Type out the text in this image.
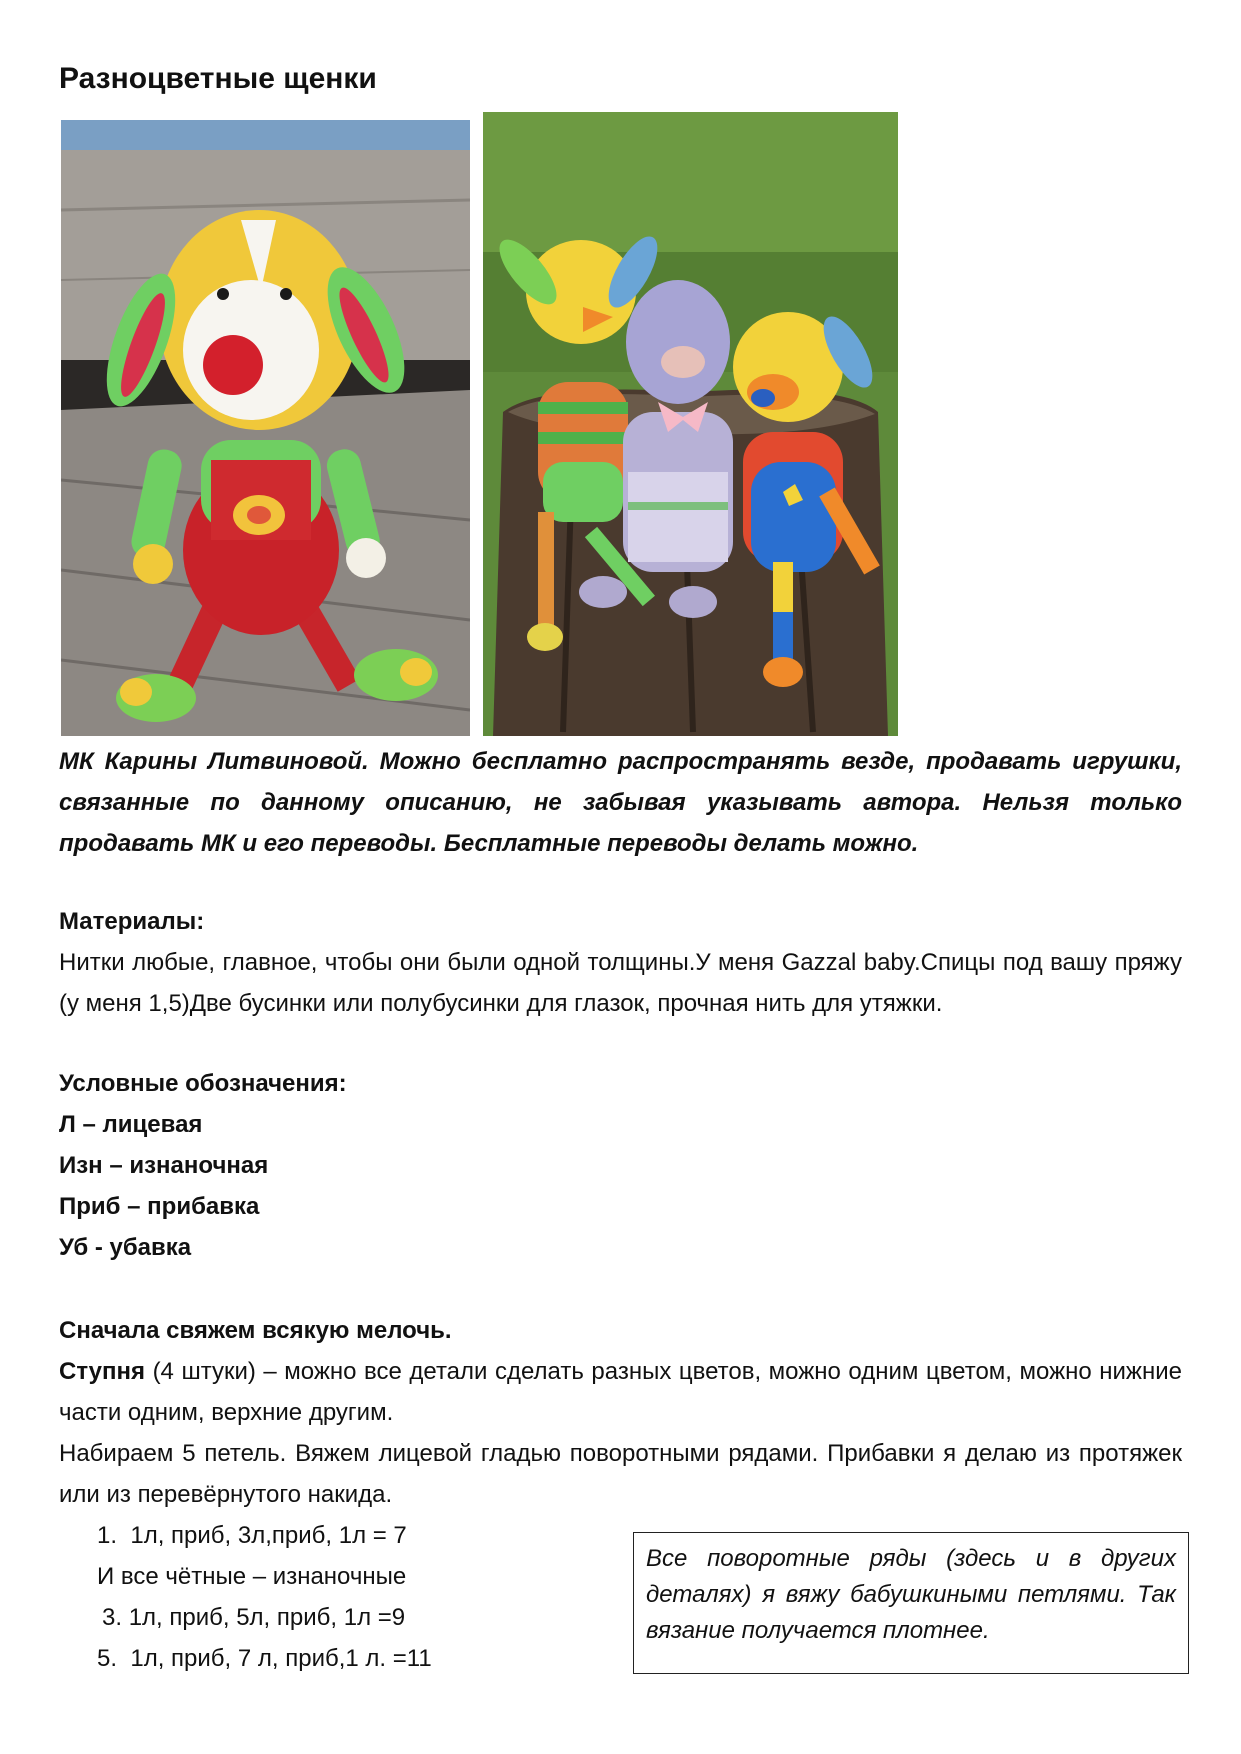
Разноцветные щенки

МК Карины Литвиновой. Можно бесплатно распространять везде, продавать игрушки, связанные по данному описанию, не забывая указывать автора. Нельзя только продавать МК и его переводы. Бесплатные переводы делать можно.

Материалы:

Нитки любые, главное, чтобы они были одной толщины.У меня Gazzal baby.Спицы под вашу пряжу (у меня 1,5)Две бусинки или полубусинки для глазок, прочная нить для утяжки.

Условные обозначения:
Л – лицевая
Изн – изнаночная
Приб – прибавка
Уб - убавка
Сначала свяжем всякую мелочь.

Ступня (4 штуки) – можно все детали сделать разных цветов, можно одним цветом, можно нижние части одним, верхние другим.

Набираем 5 петель. Вяжем лицевой гладью поворотными рядами. Прибавки я делаю из протяжек или из перевёрнутого накида.

1. 1л, приб, 3л,приб, 1л = 7
И все чётные – изнаночные
3. 1л, приб, 5л, приб, 1л =9
5. 1л, приб, 7 л, приб,1 л. =11

Все поворотные ряды (здесь и в других деталях) я вяжу бабушкиными петлями. Так вязание получается плотнее.
